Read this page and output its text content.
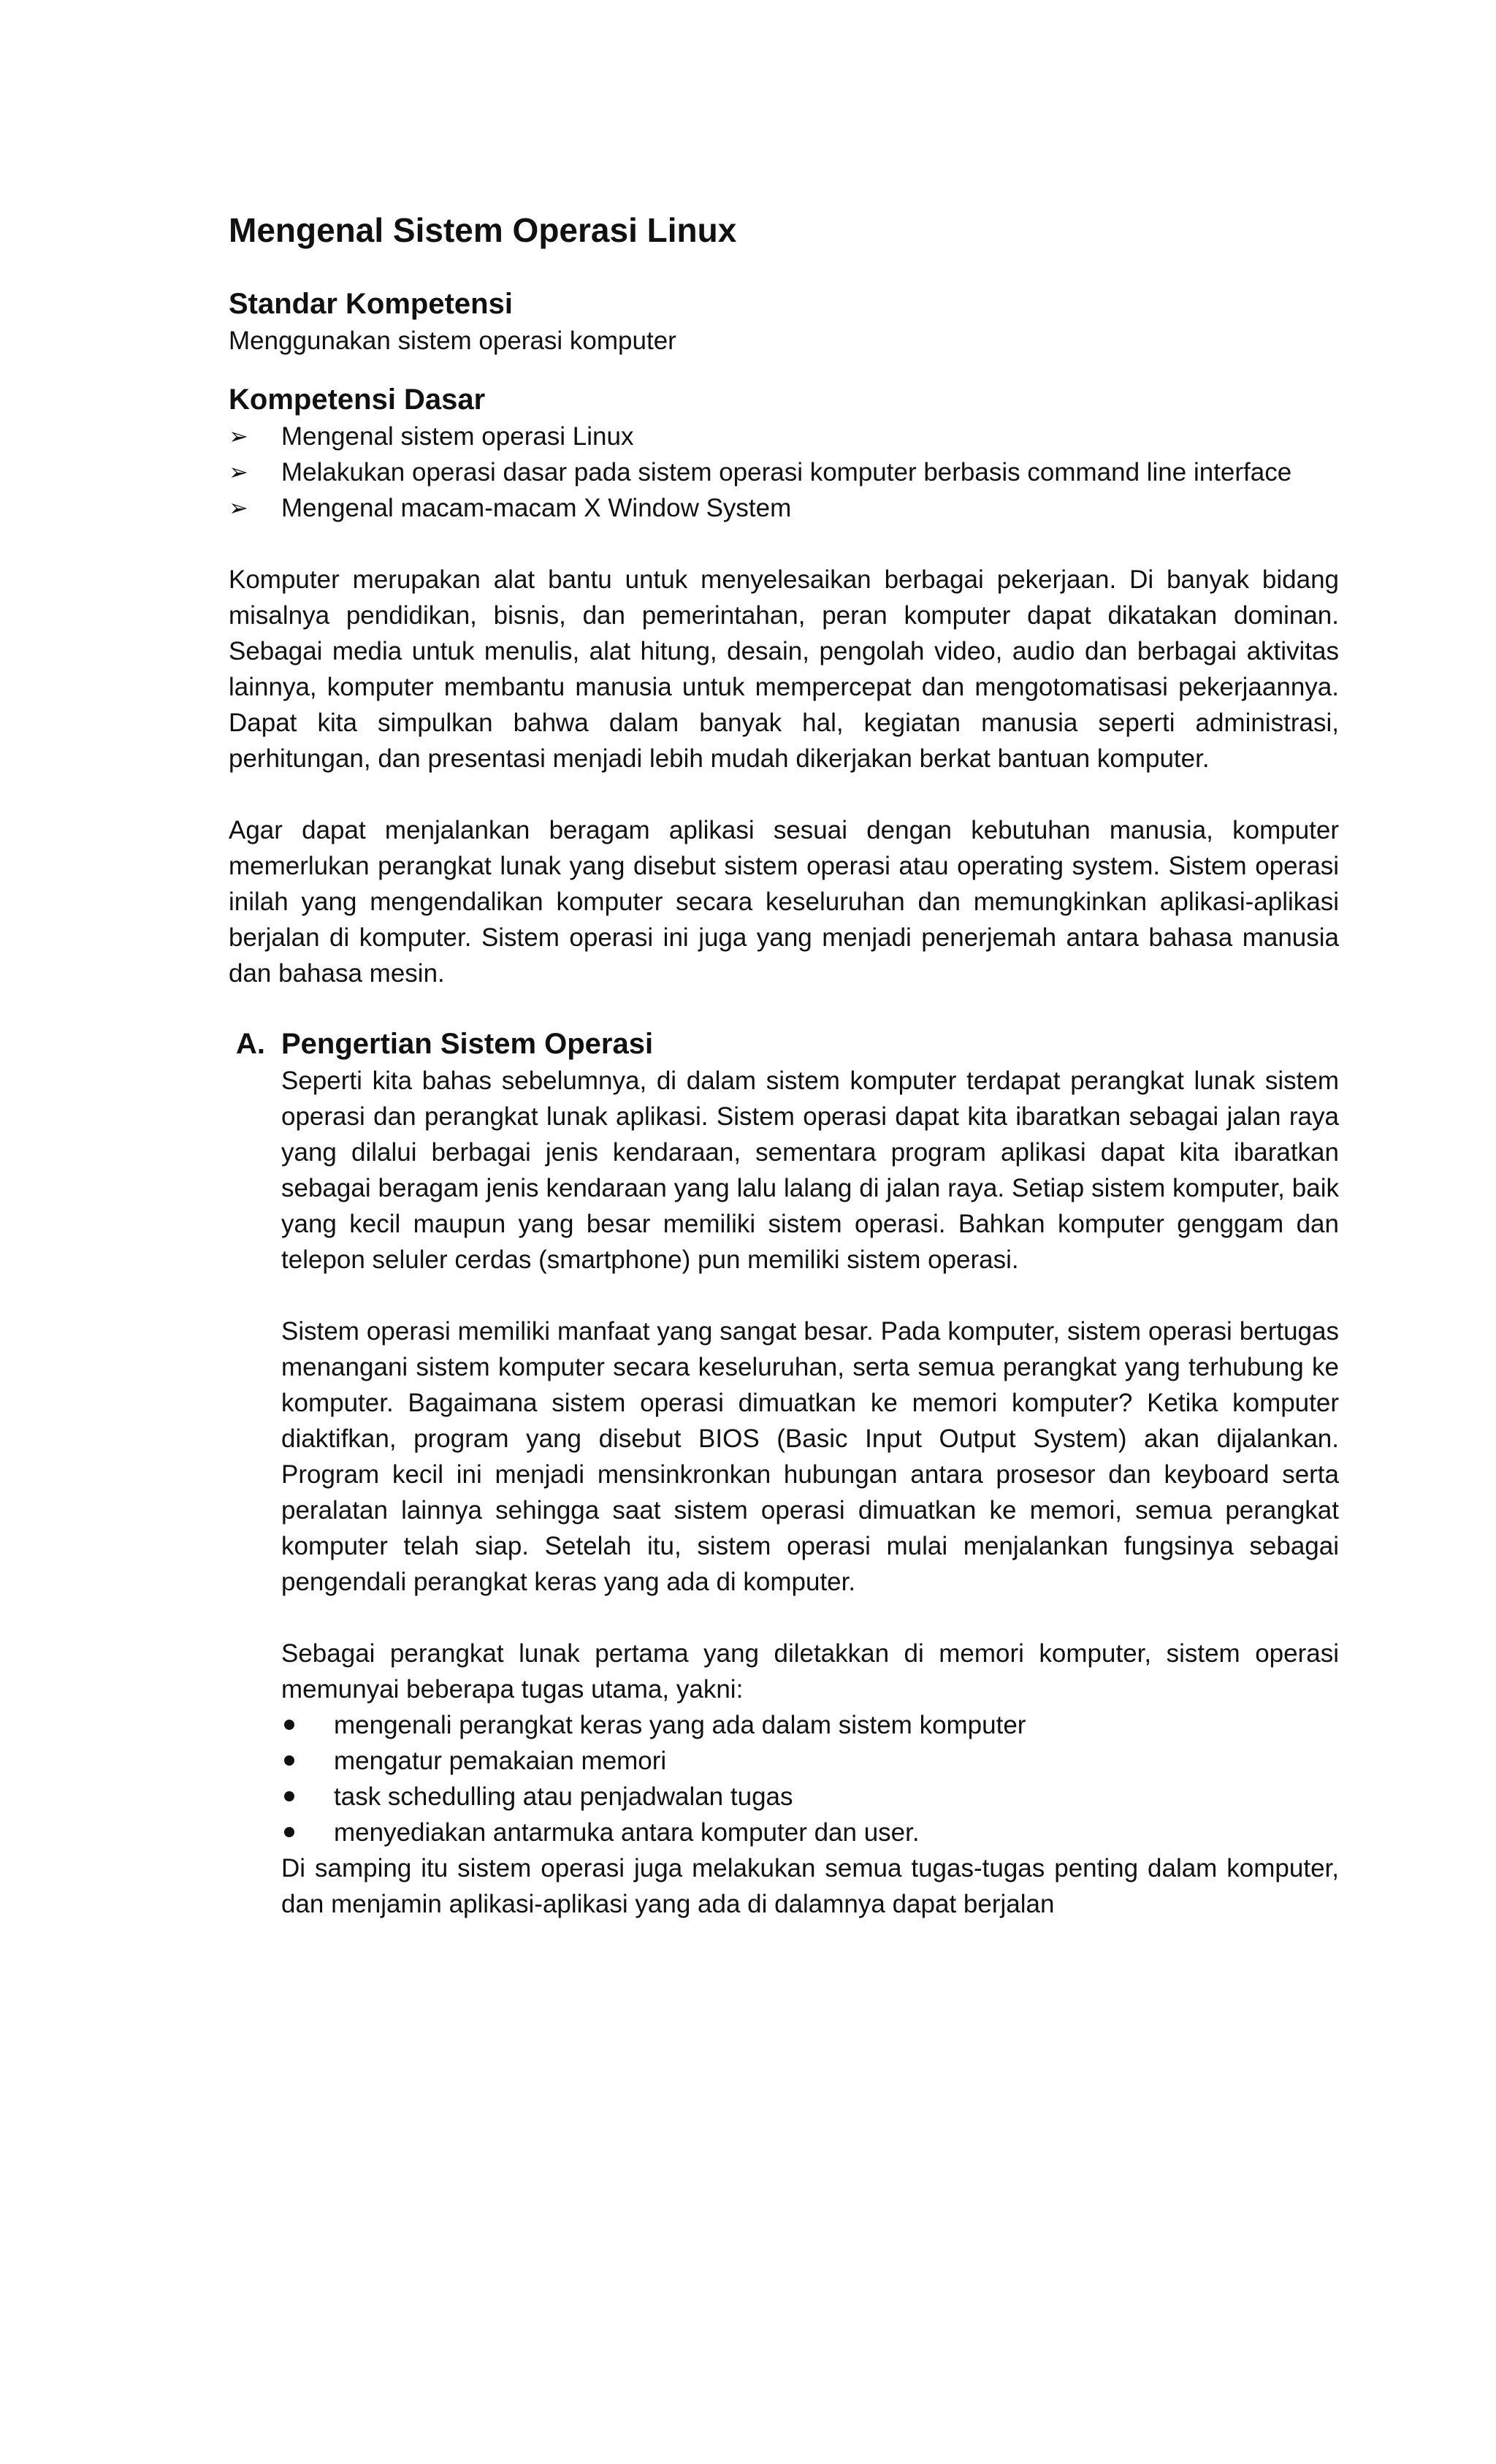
Mengenal Sistem Operasi Linux
Standar Kompetensi

Menggunakan sistem operasi komputer

Kompetensi Dasar
➢	Mengenal sistem operasi Linux
➢	Melakukan operasi dasar pada sistem operasi komputer berbasis command line interface
➢	Mengenal macam-macam X Window System

Komputer merupakan alat bantu untuk menyelesaikan berbagai pekerjaan. Di banyak bidang misalnya pendidikan, bisnis, dan pemerintahan, peran komputer dapat dikatakan dominan. Sebagai media untuk menulis, alat hitung, desain, pengolah video, audio dan berbagai aktivitas lainnya, komputer membantu manusia untuk mempercepat dan mengotomatisasi pekerjaannya. Dapat kita simpulkan bahwa dalam banyak hal, kegiatan manusia seperti administrasi, perhitungan, dan presentasi menjadi lebih mudah dikerjakan berkat bantuan komputer.

Agar dapat menjalankan beragam aplikasi sesuai dengan kebutuhan manusia, komputer memerlukan perangkat lunak yang disebut sistem operasi atau operating system. Sistem operasi inilah yang mengendalikan komputer secara keseluruhan dan memungkinkan aplikasi-aplikasi berjalan di komputer. Sistem operasi ini juga yang menjadi penerjemah antara bahasa manusia dan bahasa mesin.

A. Pengertian Sistem Operasi

Seperti kita bahas sebelumnya, di dalam sistem komputer terdapat perangkat lunak sistem operasi dan perangkat lunak aplikasi. Sistem operasi dapat kita ibaratkan sebagai jalan raya yang dilalui berbagai jenis kendaraan, sementara program aplikasi dapat kita ibaratkan sebagai beragam jenis kendaraan yang lalu lalang di jalan raya. Setiap sistem komputer, baik yang kecil maupun yang besar memiliki sistem operasi. Bahkan komputer genggam dan telepon seluler cerdas (smartphone) pun memiliki sistem operasi.

Sistem operasi memiliki manfaat yang sangat besar. Pada komputer, sistem operasi bertugas menangani sistem komputer secara keseluruhan, serta semua perangkat yang terhubung ke komputer. Bagaimana sistem operasi dimuatkan ke memori komputer? Ketika komputer diaktifkan, program yang disebut BIOS (Basic Input Output System) akan dijalankan. Program kecil ini menjadi mensinkronkan hubungan antara prosesor dan keyboard serta peralatan lainnya sehingga saat sistem operasi dimuatkan ke memori, semua perangkat komputer telah siap. Setelah itu, sistem operasi mulai menjalankan fungsinya sebagai pengendali perangkat keras yang ada di komputer.

Sebagai perangkat lunak pertama yang diletakkan di memori komputer, sistem operasi memunyai beberapa tugas utama, yakni:

mengenali perangkat keras yang ada dalam sistem komputer
mengatur pemakaian memori
task schedulling atau penjadwalan tugas
menyediakan antarmuka antara komputer dan user.

Di samping itu sistem operasi juga melakukan semua tugas-tugas penting dalam komputer, dan menjamin aplikasi-aplikasi yang ada di dalamnya dapat berjalan
